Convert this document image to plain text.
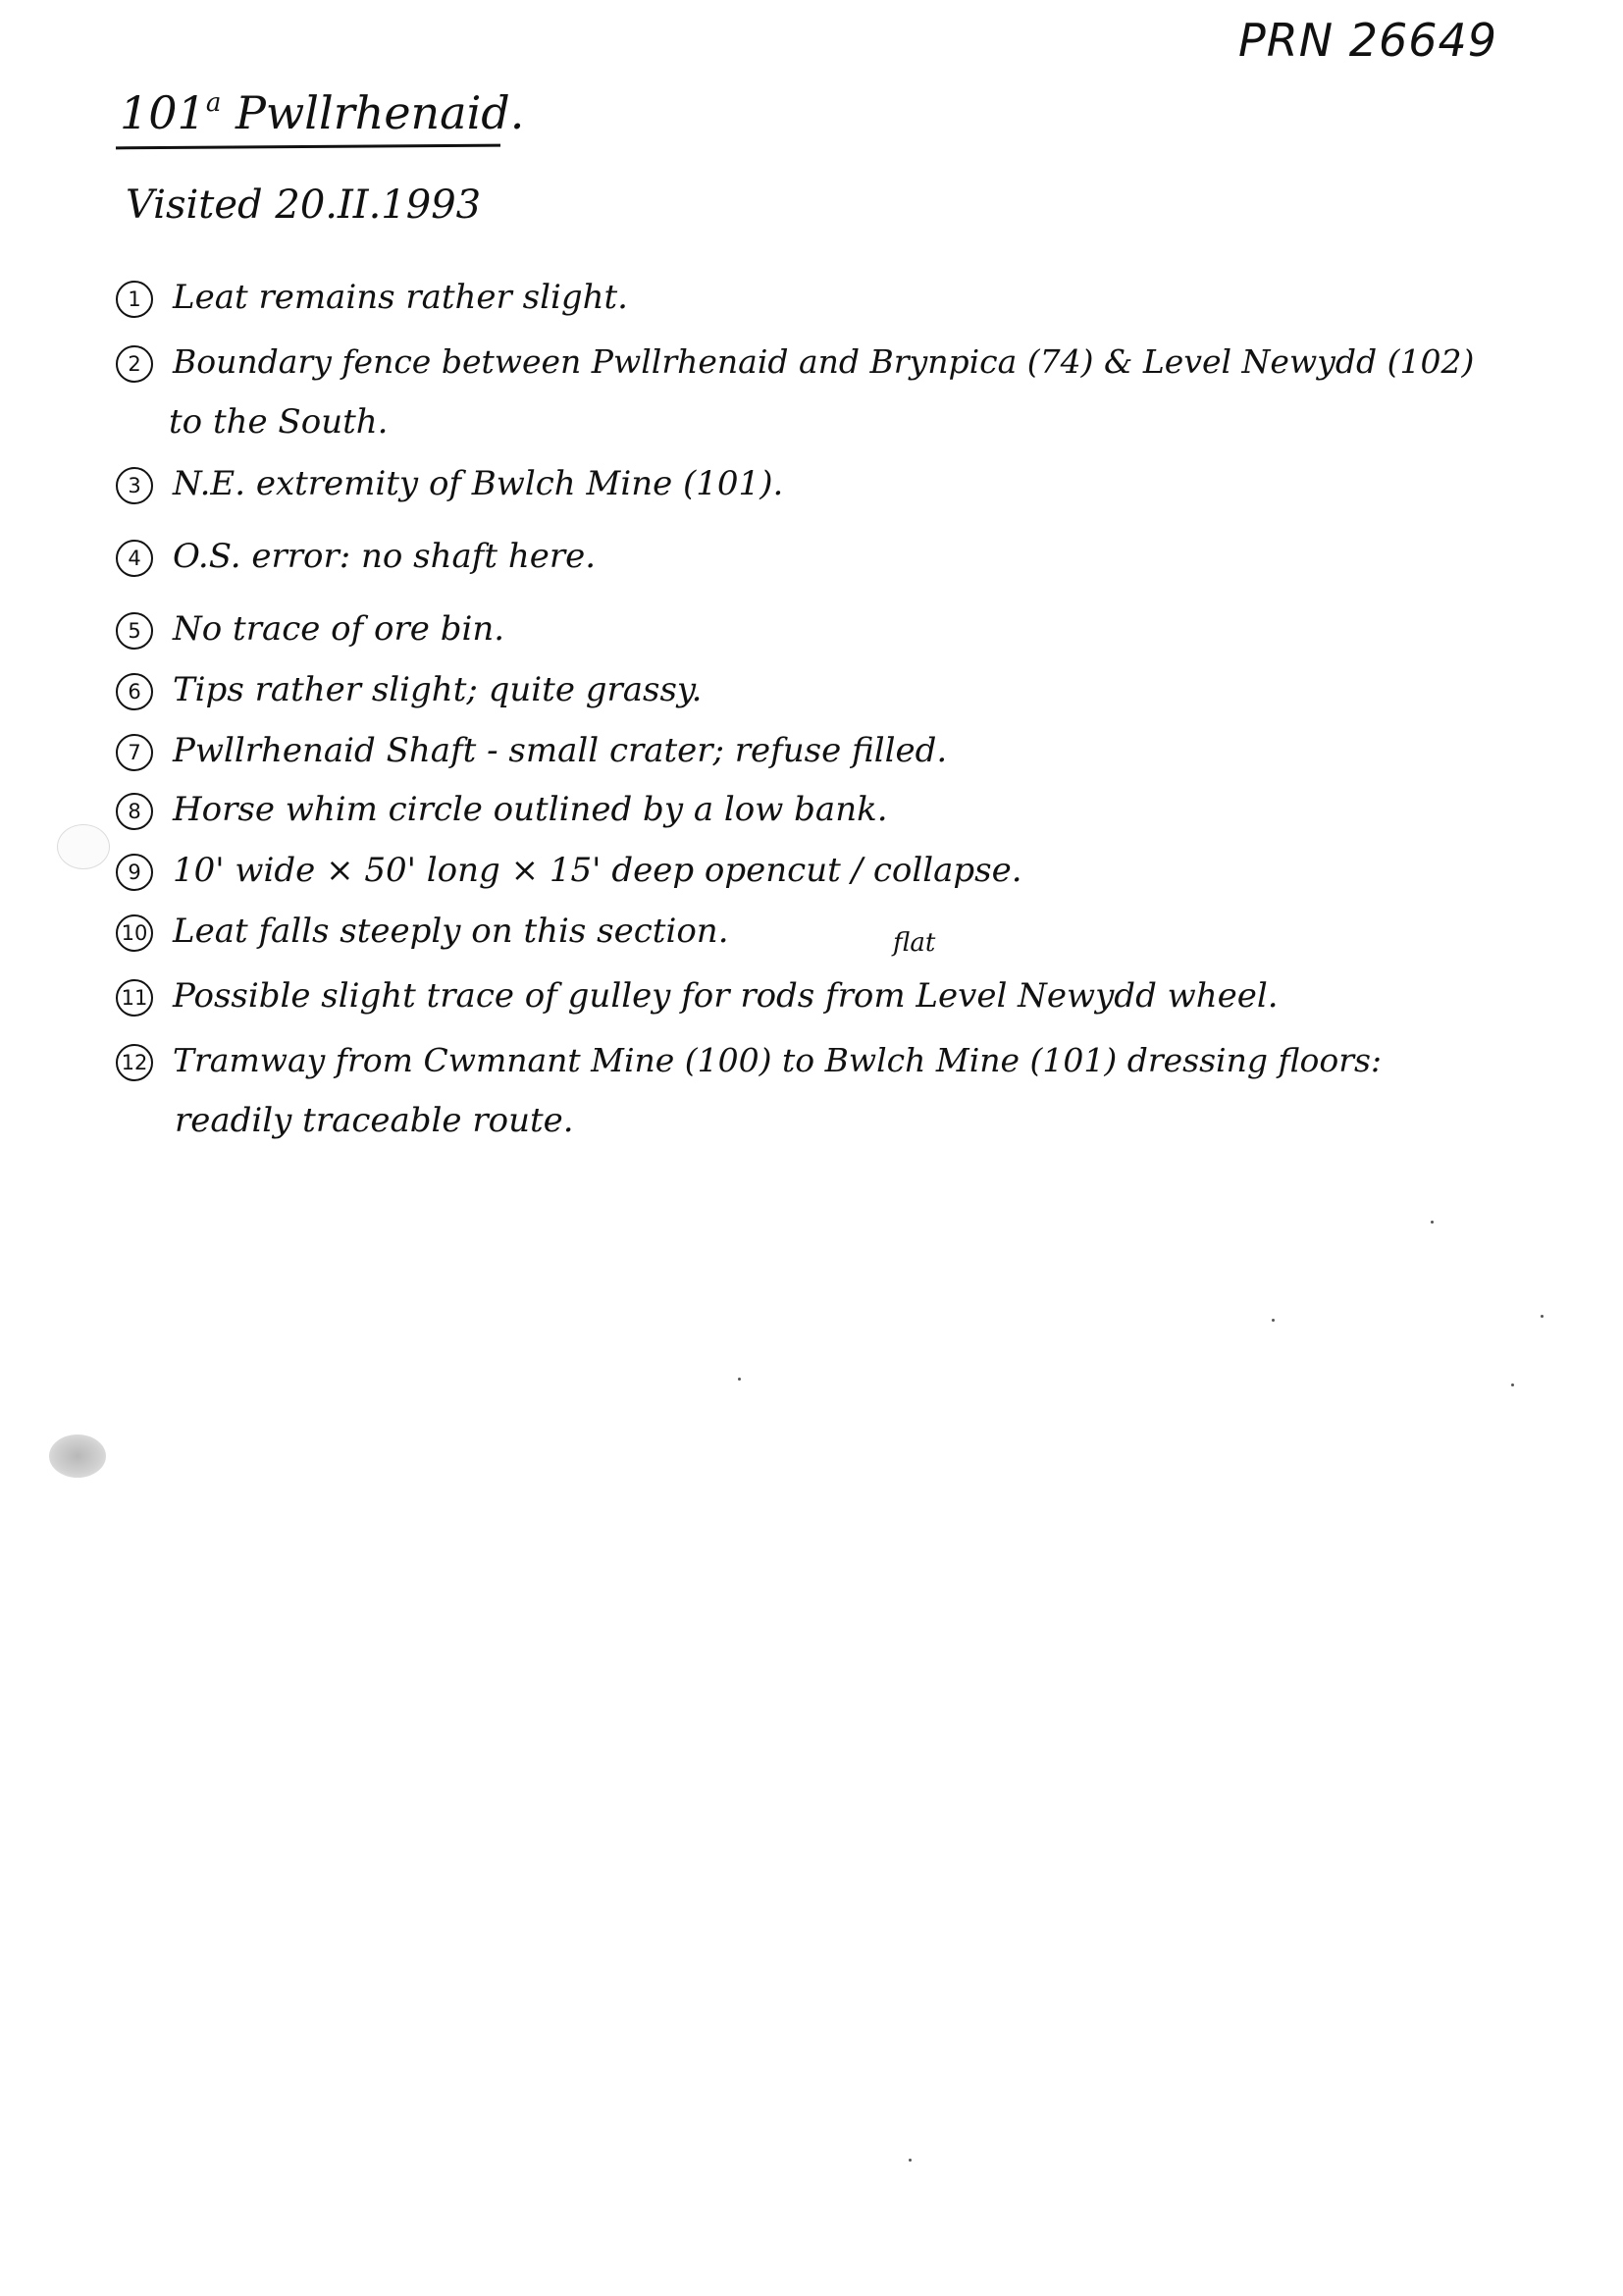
PRN 26649
101$^a$ Pwllrhenaid.
Visited 20.II.1993
1 Leat remains rather slight.
2 Boundary fence between Pwllrhenaid and Brynpica (74) & Level Newydd (102)
to the South.
3 N.E. extremity of Bwlch Mine (101).
4 O.S. error: no shaft here.
5 No trace of ore bin.
6 Tips rather slight; quite grassy.
7 Pwllrhenaid Shaft - small crater; refuse filled.
8 Horse whim circle outlined by a low bank.
9 10' wide × 50' long × 15' deep opencut / collapse.
10 Leat falls steeply on this section.	flat
11 Possible slight trace of gulley for rods from Level Newydd wheel.
12 Tramway from Cwmnant Mine (100) to Bwlch Mine (101) dressing floors:
readily traceable route.
